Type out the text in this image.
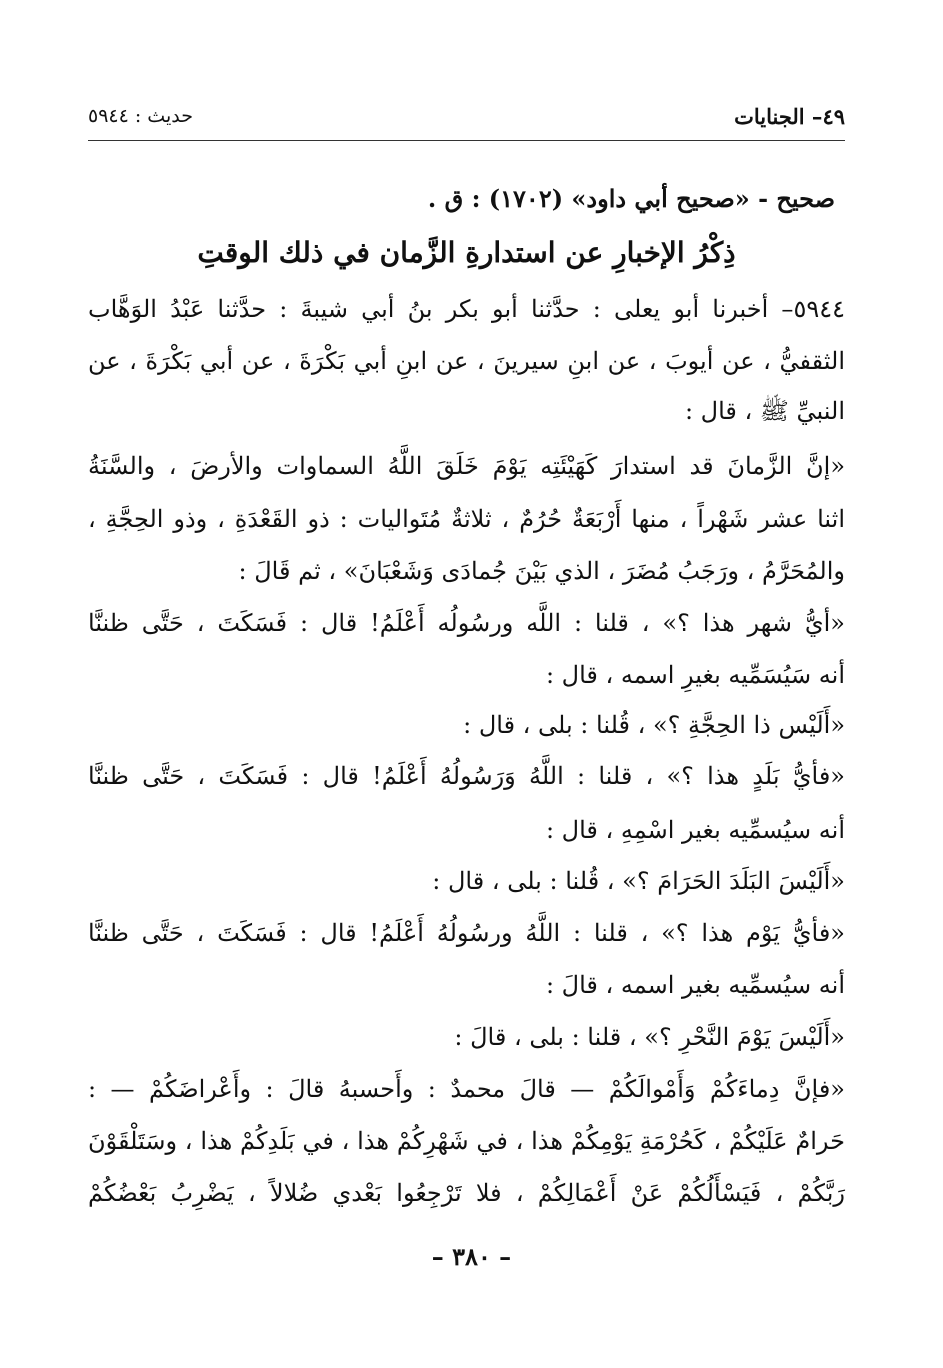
٤٩– الجنايات
حديث : ٥٩٤٤
صحيح - «صحيح أبي داود» (١٧٠٢) : ق .
ذِكْرُ الإخبارِ عن استدارةِ الزَّمان في ذلك الوقتِ
٥٩٤٤– أخبرنا أبو يعلى : حدَّثنا أبو بكر بنُ أبي شيبةَ : حدَّثنا عَبْدُ الوَهَّاب
الثقفيُّ ، عن أيوبَ ، عن ابنِ سيرينَ ، عن ابنِ أبي بَكْرَةَ ، عن أبي بَكْرَةَ ، عن
النبيِّ ﷺ ، قال :
«إنَّ الزَّمانَ قد استدارَ كَهَيْئَتِه يَوْمَ خَلَقَ اللَّهُ السماوات والأرضَ ، والسَّنَةُ
اثنا عشر شَهْراً ، منها أَرْبَعَةٌ حُرُمٌ ، ثلاثةٌ مُتَواليات : ذو القَعْدَةِ ، وذو الحِجَّةِ ،
والمُحَرَّمُ ، ورَجَبُ مُضَرَ ، الذي بَيْنَ جُمادَى وَشَعْبَانَ» ، ثم قَالَ :
«أيُّ شهر هذا ؟» ، قلنا : اللَّه ورسُولُه أَعْلَمُ! قال : فَسَكَتَ ، حَتَّى ظننَّا
أنه سَيُسَمِّيه بغيرِ اسمه ، قال :
«أَلَيْس ذا الحِجَّةِ ؟» ، قُلنا : بلى ، قال :
«فأيُّ بَلَدٍ هذا ؟» ، قلنا : اللَّهُ وَرَسُولُهُ أَعْلَمُ! قال : فَسَكَتَ ، حَتَّى ظننَّا
أنه سيُسمِّيه بغير اسْمِهِ ، قال :
«أَلَيْسَ البَلَدَ الحَرَامَ ؟» ، قُلنا : بلى ، قال :
«فأيُّ يَوْم هذا ؟» ، قلنا : اللَّهُ ورسُولُهُ أَعْلَمُ! قال : فَسَكَتَ ، حَتَّى ظننَّا
أنه سيُسمِّيه بغير اسمه ، قالَ :
«أَلَيْسَ يَوْمَ النَّحْرِ ؟» ، قلنا : بلى ، قالَ :
«فإنَّ دِماءَكُمْ وَأَمْوالَكُمْ — قالَ محمدٌ : وأَحسبهُ قالَ : وأَعْراضَكُمْ — :
حَرامٌ عَلَيْكُمْ ، كَحُرْمَةِ يَوْمِكُمْ هذا ، في شَهْرِكُمْ هذا ، في بَلَدِكُمْ هذا ، وسَتَلْقَوْنَ
رَبَّكُمْ ، فَيَسْأَلُكُمْ عَنْ أَعْمَالِكُمْ ، فلا تَرْجِعُوا بَعْدي ضُلالاً ، يَضْرِبُ بَعْضُكُمْ
– ٣٨٠ –
